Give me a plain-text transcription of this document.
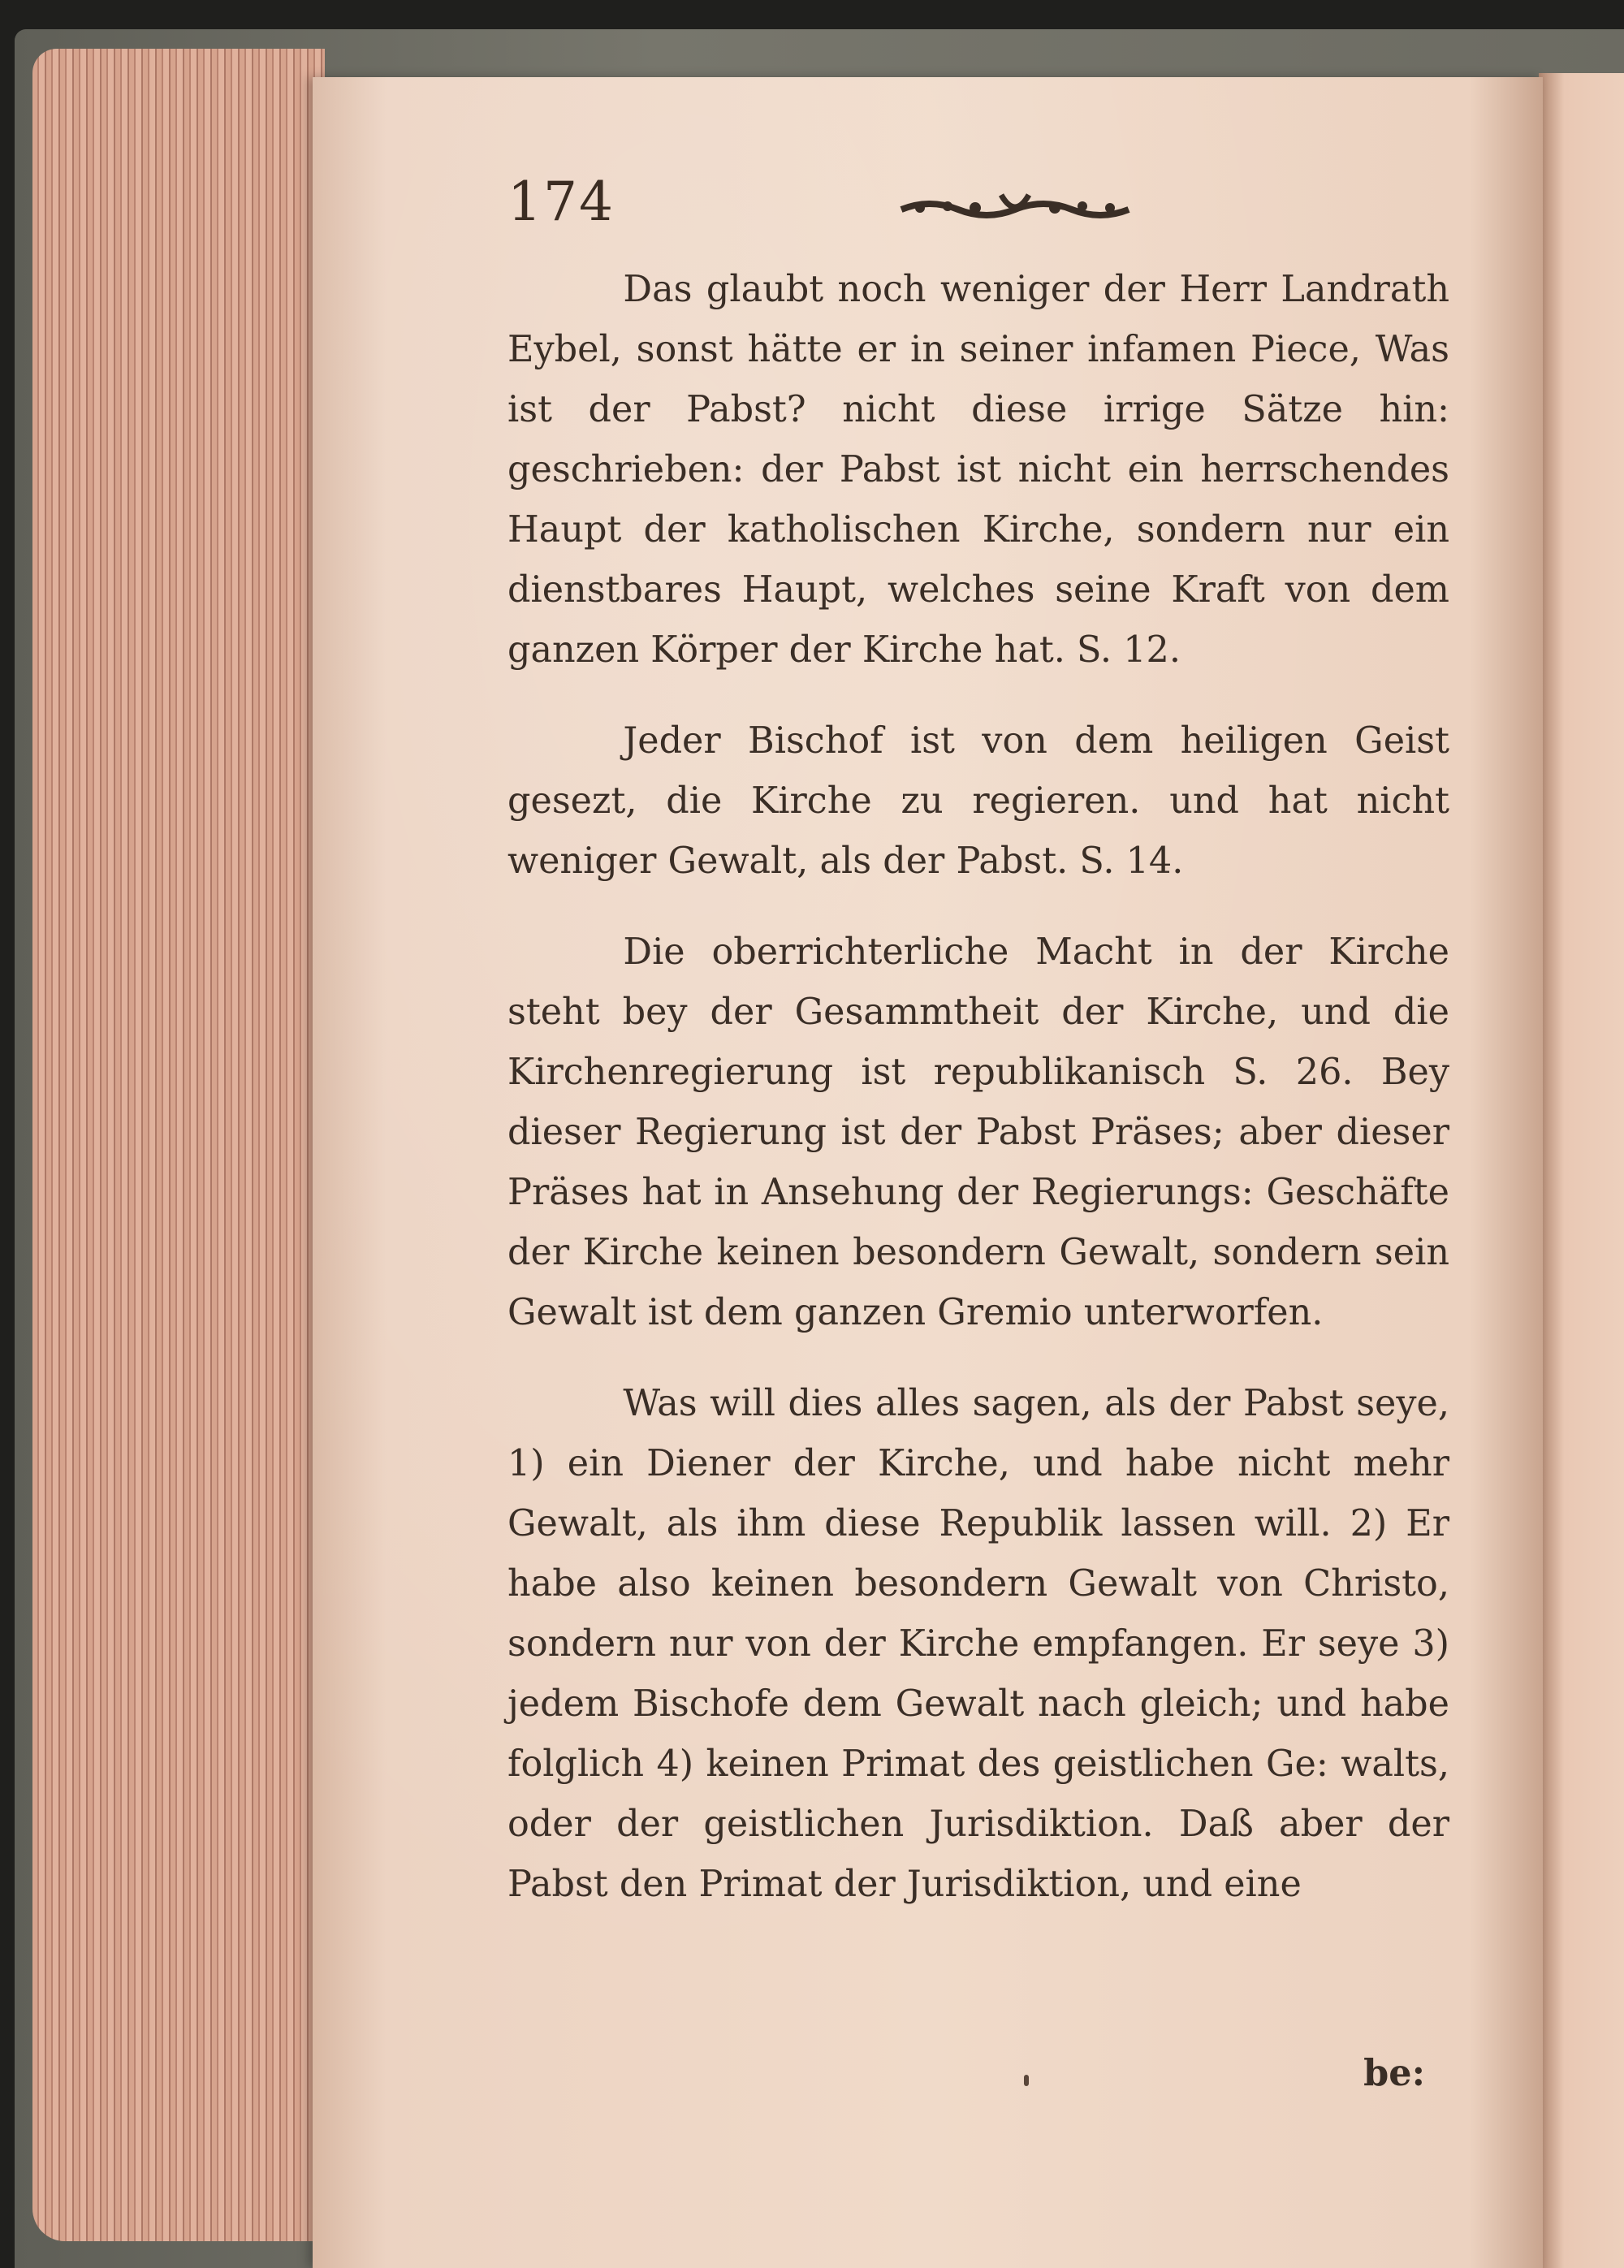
174

Das glaubt noch weniger der Herr Landrath Eybel, sonst hätte er in seiner infamen Piece, Was ist der Pabst? nicht diese irrige Sätze hin: geschrieben: der Pabst ist nicht ein herrschendes Haupt der katholischen Kirche, sondern nur ein dienstbares Haupt, welches seine Kraft von dem ganzen Körper der Kirche hat. S. 12.

Jeder Bischof ist von dem heiligen Geist gesezt, die Kirche zu regieren. und hat nicht weniger Gewalt, als der Pabst. S. 14.

Die oberrichterliche Macht in der Kirche steht bey der Gesammtheit der Kirche, und die Kirchenregierung ist republikanisch S. 26. Bey dieser Regierung ist der Pabst Präses; aber dieser Präses hat in Ansehung der Regierungs: Geschäfte der Kirche keinen besondern Gewalt, sondern sein Gewalt ist dem ganzen Gremio unterworfen.

Was will dies alles sagen, als der Pabst seye, 1) ein Diener der Kirche, und habe nicht mehr Gewalt, als ihm diese Republik lassen will. 2) Er habe also keinen besondern Gewalt von Christo, sondern nur von der Kirche empfangen. Er seye 3) jedem Bischofe dem Gewalt nach gleich; und habe folglich 4) keinen Primat des geistlichen Ge: walts, oder der geistlichen Jurisdiktion. Daß aber der Pabst den Primat der Jurisdiktion, und eine

be:
